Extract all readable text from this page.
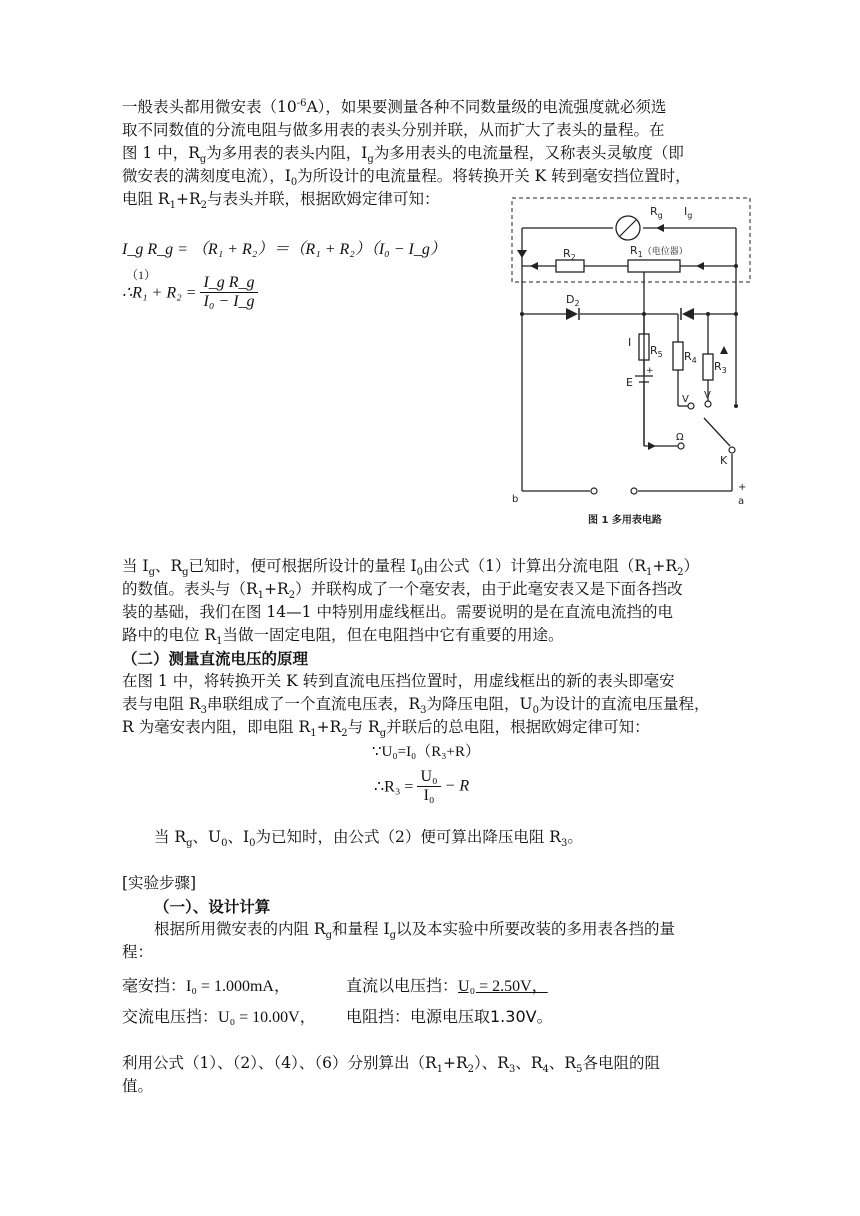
一般表头都用微安表$(10^{-6}A)$，如果要测量各种不同数量级的电流强度就必须选
取不同数值的分流电阻与做多用表的表头分别并联，从而扩大了表头的量程。在
图 1 中，$R_g$为多用表的表头内阻，$I_g$为多用表头的电流量程，又称表头灵敏度（即
微安表的满刻度电流），$I_0$为所设计的电流量程。将转换开关 K 转到毫安挡位置时，
电阻 $R_1+R_2$与表头并联，根据欧姆定律可知：
I_g R_g = （R₁ + R₂）＝（R₁ + R₂）（I₀ − I_g）
（1）
∴R₁ + $R_2 = \frac{\text{I\_g R\_g}}{\text{I₀ − I\_g}}$
$R_g$ $I_g$
$R_2$
$R_1^{(电位器)}$
$D_2$
I
$R_5$ $R_4$ $R_3$
E
+
V V
Ω
K
b
+
a
图 1 多用表电路
当 $I_g$、$R_g$已知时，便可根据所设计的量程 $I_0$由公式（1）计算出分流电阻$(R_1+R_2)$
的数值。表头与$(R_1+R_2)$并联构成了一个毫安表，由于此毫安表又是下面各挡改
装的基础，我们在图 14—1 中特别用虚线框出。需要说明的是在直流电流挡的电
路中的电位 $R_1$当做一固定电阻，但在电阻挡中它有重要的用途。
（二）测量直流电压的原理
在图 1 中，将转换开关 K 转到直流电压挡位置时，用虚线框出的新的表头即毫安
表与电阻 $R_3$串联组成了一个直流电压表，$R_3$为降压电阻，$U_0$为设计的直流电压量程，
R 为毫安表内阻，即电阻 $R_1+R_2$与 $R_g$并联后的总电阻，根据欧姆定律可知：
∵U₀=I₀（R₃+R）
∴R₃ = $\frac{\text{U₀}}{\text{I₀}} - R$
当 $R_g$、$U_0$、$I_0$为已知时，由公式（2）便可算出降压电阻 $R_3$。
[实验步骤]
（一）、设计计算
根据所用微安表的内阻 $R_g$和量程 $I_g$以及本实验中所要改装的多用表各挡的量
程：
毫安挡：I₀ = 1.000mA，	直流以电压挡：U₀ = 2.50V，
交流电压挡：U₀ = 10.00V， 电阻挡：电源电压取1.30V。
利用公式（1）、（2）、（4）、（6）分别算出$(R_1+R_2)$、$R_3$、$R_4$、$R_5$各电阻的阻
值。
